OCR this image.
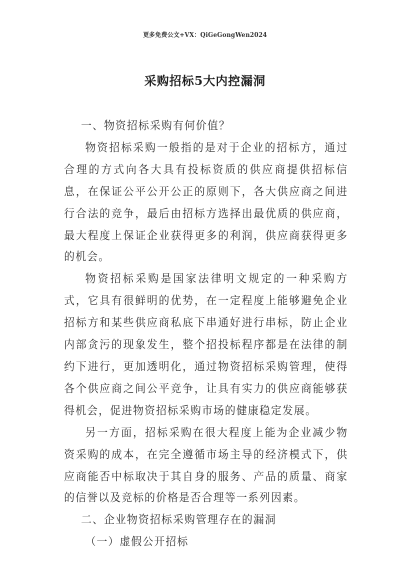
更多免费公文+VX：QiGeGongWen2024
采购招标5大内控漏洞

一、物资招标采购有何价值？

物资招标采购一般指的是对于企业的招标方，通过合理的方式向各大具有投标资质的供应商提供招标信息，在保证公平公开公正的原则下，各大供应商之间进行合法的竞争，最后由招标方选择出最优质的供应商，最大程度上保证企业获得更多的利润，供应商获得更多的机会。

物资招标采购是国家法律明文规定的一种采购方式，它具有很鲜明的优势，在一定程度上能够避免企业招标方和某些供应商私底下串通好进行串标，防止企业内部贪污的现象发生，整个招投标程序都是在法律的制约下进行，更加透明化，通过物资招标采购管理，使得各个供应商之间公平竞争，让具有实力的供应商能够获得机会，促进物资招标采购市场的健康稳定发展。

另一方面，招标采购在很大程度上能为企业减少物资采购的成本，在完全遵循市场主导的经济模式下，供应商能否中标取决于其自身的服务、产品的质量、商家的信誉以及竞标的价格是否合理等一系列因素。

二、企业物资招标采购管理存在的漏洞

（一）虚假公开招标
